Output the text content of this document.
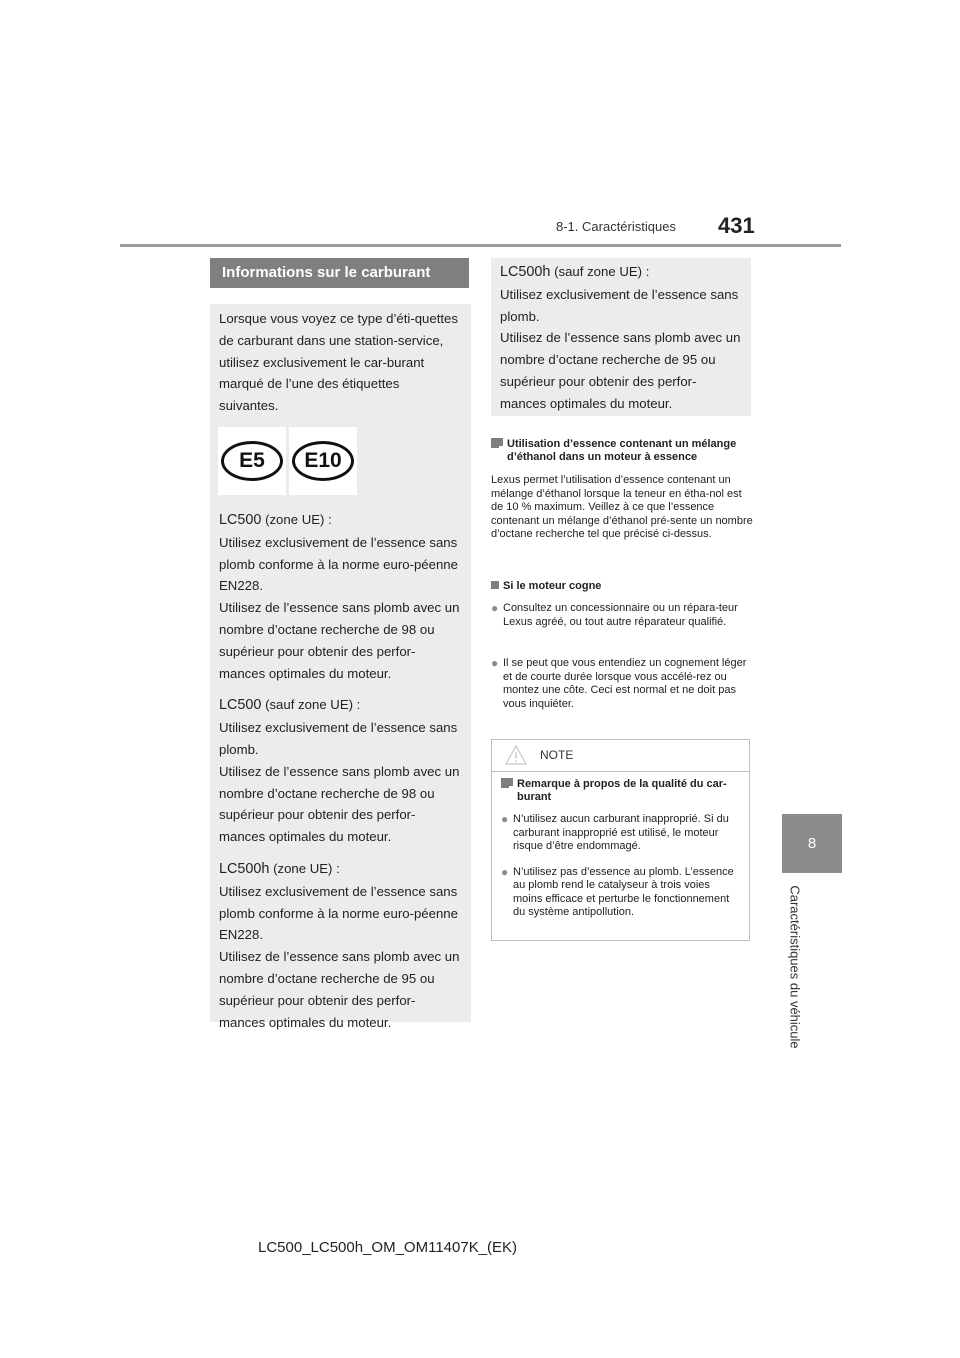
8-1. Caractéristiques 431
8
Caractéristiques du véhicule
Informations sur le carburant

Lorsque vous voyez ce type d’éti-quettes de carburant dans une station-service, utilisez exclusivement le car-burant marqué de l’une des étiquettes suivantes.

E5 E10

LC500 (zone UE) :

Utilisez exclusivement de l’essence sans plomb conforme à la norme euro-péenne EN228.

Utilisez de l’essence sans plomb avec un nombre d’octane recherche de 98 ou supérieur pour obtenir des perfor-mances optimales du moteur.

LC500 (sauf zone UE) :

Utilisez exclusivement de l’essence sans plomb.

Utilisez de l’essence sans plomb avec un nombre d’octane recherche de 98 ou supérieur pour obtenir des perfor-mances optimales du moteur.

LC500h (zone UE) :

Utilisez exclusivement de l’essence sans plomb conforme à la norme euro-péenne EN228.

Utilisez de l’essence sans plomb avec un nombre d’octane recherche de 95 ou supérieur pour obtenir des perfor-mances optimales du moteur.

LC500h (sauf zone UE) :

Utilisez exclusivement de l’essence sans plomb.

Utilisez de l’essence sans plomb avec un nombre d’octane recherche de 95 ou supérieur pour obtenir des perfor-mances optimales du moteur.

Utilisation d’essence contenant un mélange d’éthanol dans un moteur à essence
Lexus permet l’utilisation d’essence contenant un mélange d’éthanol lorsque la teneur en étha-nol est de 10 % maximum. Veillez à ce que l’essence contenant un mélange d’éthanol pré-sente un nombre d’octane recherche tel que précisé ci-dessus.
Si le moteur cogne
● Consultez un concessionnaire ou un répara-teur Lexus agréé, ou tout autre réparateur qualifié.
● Il se peut que vous entendiez un cognement léger et de courte durée lorsque vous accélé-rez ou montez une côte. Ceci est normal et ne doit pas vous inquiéter.
NOTE
Remarque à propos de la qualité du car-burant
● N’utilisez aucun carburant inapproprié. Si du carburant inapproprié est utilisé, le moteur risque d’être endommagé.
● N’utilisez pas d’essence au plomb. L’essence au plomb rend le catalyseur à trois voies moins efficace et perturbe le fonctionnement du système antipollution.
LC500_LC500h_OM_OM11407K_(EK)
